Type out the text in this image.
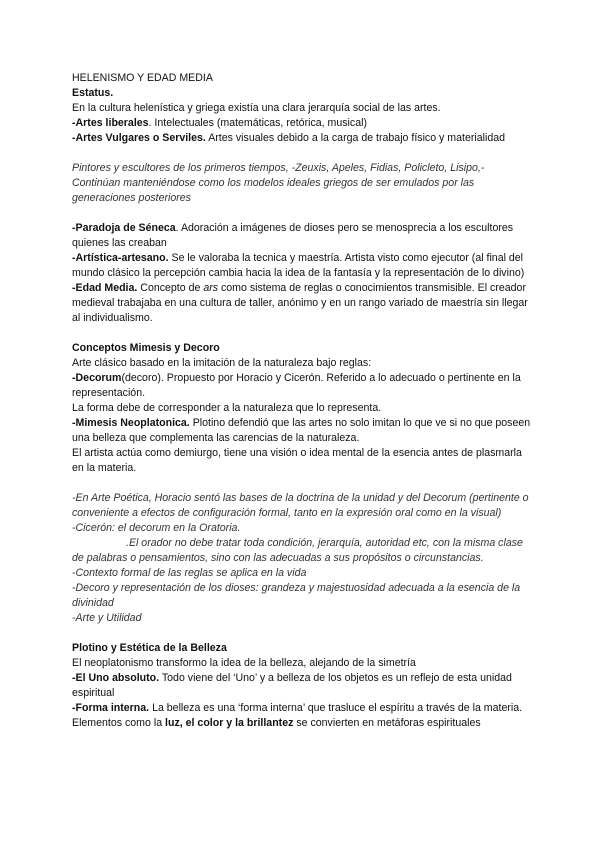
HELENISMO Y EDAD MEDIA

Estatus.

En la cultura helenística y griega existía una clara jerarquía social de las artes.

-Artes liberales. Intelectuales (matemáticas, retórica, musical)

-Artes Vulgares o Serviles. Artes visuales debido a la carga de trabajo físico y materialidad

Pintores y escultores de los primeros tiempos, -Zeuxis, Apeles, Fidias, Policleto, Lisipo,-

Continúan manteniéndose como los modelos ideales griegos de ser emulados por las

generaciones posteriores

-Paradoja de Séneca. Adoración a imágenes de dioses pero se menosprecia a los escultores quienes las creaban

-Artística-artesano. Se le valoraba la tecnica y maestría. Artista visto como ejecutor (al final del mundo clásico la percepción cambia hacia la idea de la fantasía y la representación de lo divino)

-Edad Media. Concepto de ars como sistema de reglas o conocimientos transmisible. El creador medieval trabajaba en una cultura de taller, anónimo y en un rango variado de maestría sin llegar al individualismo.

Conceptos Mimesis y Decoro

Arte clásico basado en la imitación de la naturaleza bajo reglas:

-Decorum(decoro). Propuesto por Horacio y Cicerón. Referido a lo adecuado o pertinente en la representación.

La forma debe de corresponder a la naturaleza que lo representa.

-Mimesis Neoplatonica. Plotino defendió que las artes no solo imitan lo que ve si no que poseen una belleza que complementa las carencias de la naturaleza.

El artista actúa como demiurgo, tiene una visión o idea mental de la esencia antes de plasmarla en la materia.

-En Arte Poética, Horacio sentó las bases de la doctrina de la unidad y del Decorum (pertinente o conveniente a efectos de configuración formal, tanto en la expresión oral como en la visual)

-Cicerón: el decorum en la Oratoria.

.El orador no debe tratar toda condición, jerarquía, autoridad etc, con la misma clase

de palabras o pensamientos, sino con las adecuadas a sus propósitos o circunstancias.

-Contexto formal de las reglas se aplica en la vida

-Decoro y representación de los dioses: grandeza y majestuosidad adecuada a la esencia de la divinidad

-Arte y Utilidad

Plotino y Estética de la Belleza

El neoplatonismo transformo la idea de la belleza, alejando de la simetría

-El Uno absoluto. Todo viene del ‘Uno’ y a belleza de los objetos es un reflejo de esta unidad espiritual

-Forma interna. La belleza es una ‘forma interna’ que trasluce el espíritu a través de la materia.

Elementos como la luz, el color y la brillantez se convierten en metáforas espirituales
